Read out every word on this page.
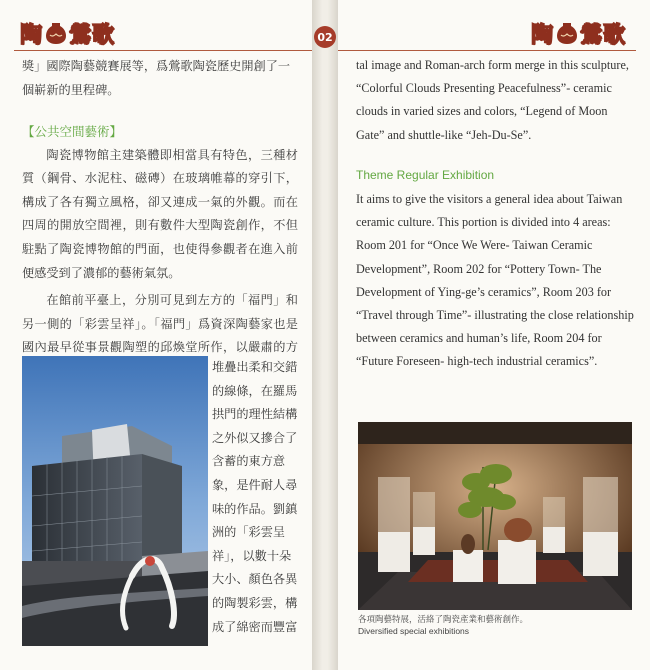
陶 鶯歌

獎」國際陶藝競賽展等，爲鶯歌陶瓷歷史開創了一

個嶄新的里程碑。

【公共空間藝術】

陶瓷博物館主建築體即相當具有特色，三種材質（鋼骨、水泥柱、磁磚）在玻璃帷幕的穿引下，構成了各有獨立風格，卻又連成一氣的外觀。而在四周的開放空間裡，則有數件大型陶瓷創作，不但駐點了陶瓷博物館的門面，也使得參觀者在進入前便感受到了濃郁的藝術氣氛。

在館前平臺上，分別可見到左方的「福門」和另一側的「彩雲呈祥」。「福門」爲資深陶藝家也是國內最早從事景觀陶塑的邱煥堂所作，以嚴肅的方

堆疊出柔和交錯
的線條，在羅馬
拱門的理性結構
之外似又摻合了
含蓄的東方意
象，是件耐人尋
味的作品。劉鎮
洲的「彩雲呈
祥」，以數十朵
大小、顏色各異
的陶製彩雲，構
成了綿密而豐富
02	陶 鶯歌
tal image and Roman-arch form merge in this sculpture, “Colorful Clouds Presenting Peacefulness”- ceramic clouds in varied sizes and colors, “Legend of Moon Gate” and shuttle-like “Jeh-Du-Se”.
Theme Regular Exhibition
It aims to give the visitors a general idea about Taiwan ceramic culture. This portion is divided into 4 areas: Room 201 for “Once We Were- Taiwan Ceramic Development”, Room 202 for “Pottery Town- The Development of Ying-ge’s ceramics”, Room 203 for “Travel through Time”- illustrating the close relationship between ceramics and human’s life, Room 204 for “Future Foreseen- high-tech industrial ceramics”.
各項陶藝特展，活絡了陶瓷產業和藝術創作。
Diversified special exhibitions
